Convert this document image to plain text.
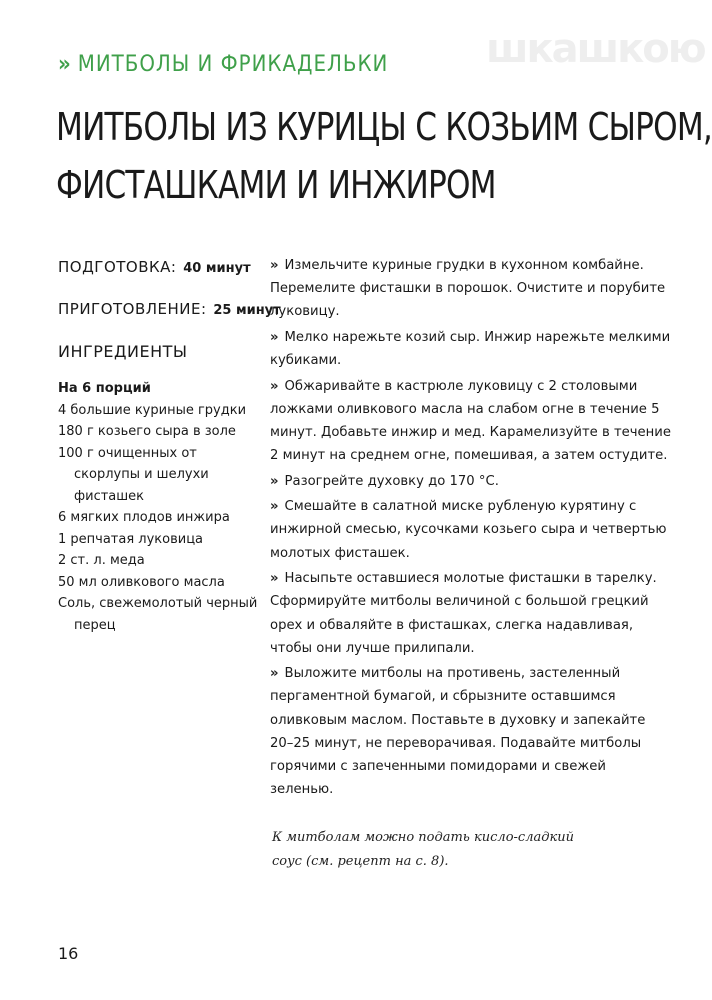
шкашкою
» МИТБОЛЫ И ФРИКАДЕЛЬКИ
МИТБОЛЫ ИЗ КУРИЦЫ С КОЗЬИМ СЫРОМ,
ФИСТАШКАМИ И ИНЖИРОМ
ПОДГОТОВКА: 40 минут
ПРИГОТОВЛЕНИЕ: 25 минут
ИНГРЕДИЕНТЫ
На 6 порций
4 большие куриные грудки
180 г козьего сыра в золе
100 г очищенных от скорлупы и шелухи фисташек
6 мягких плодов инжира
1 репчатая луковица
2 ст. л. меда
50 мл оливкового масла
Соль, свежемолотый черный перец
» Измельчите куриные грудки в кухонном комбайне. Перемелите фисташки в порошок. Очистите и порубите луковицу.
» Мелко нарежьте козий сыр. Инжир нарежьте мелкими кубиками.
» Обжаривайте в кастрюле луковицу с 2 столовыми ложками оливкового масла на слабом огне в течение 5 минут. Добавьте инжир и мед. Карамелизуйте в течение 2 минут на среднем огне, помешивая, а затем остудите.
» Разогрейте духовку до 170 °С.
» Смешайте в салатной миске рубленую курятину с инжирной смесью, кусочками козьего сыра и четвертью молотых фисташек.
» Насыпьте оставшиеся молотые фисташки в тарелку. Сформируйте митболы величиной с большой грецкий орех и обваляйте в фисташках, слегка надавливая, чтобы они лучше прилипали.
» Выложите митболы на противень, застеленный пергаментной бумагой, и сбрызните оставшимся оливковым маслом. Поставьте в духовку и запекайте 20–25 минут, не переворачивая. Подавайте митболы горячими с запеченными помидорами и свежей зеленью.
К митболам можно подать кисло-сладкий соус (см. рецепт на с. 8).
16
